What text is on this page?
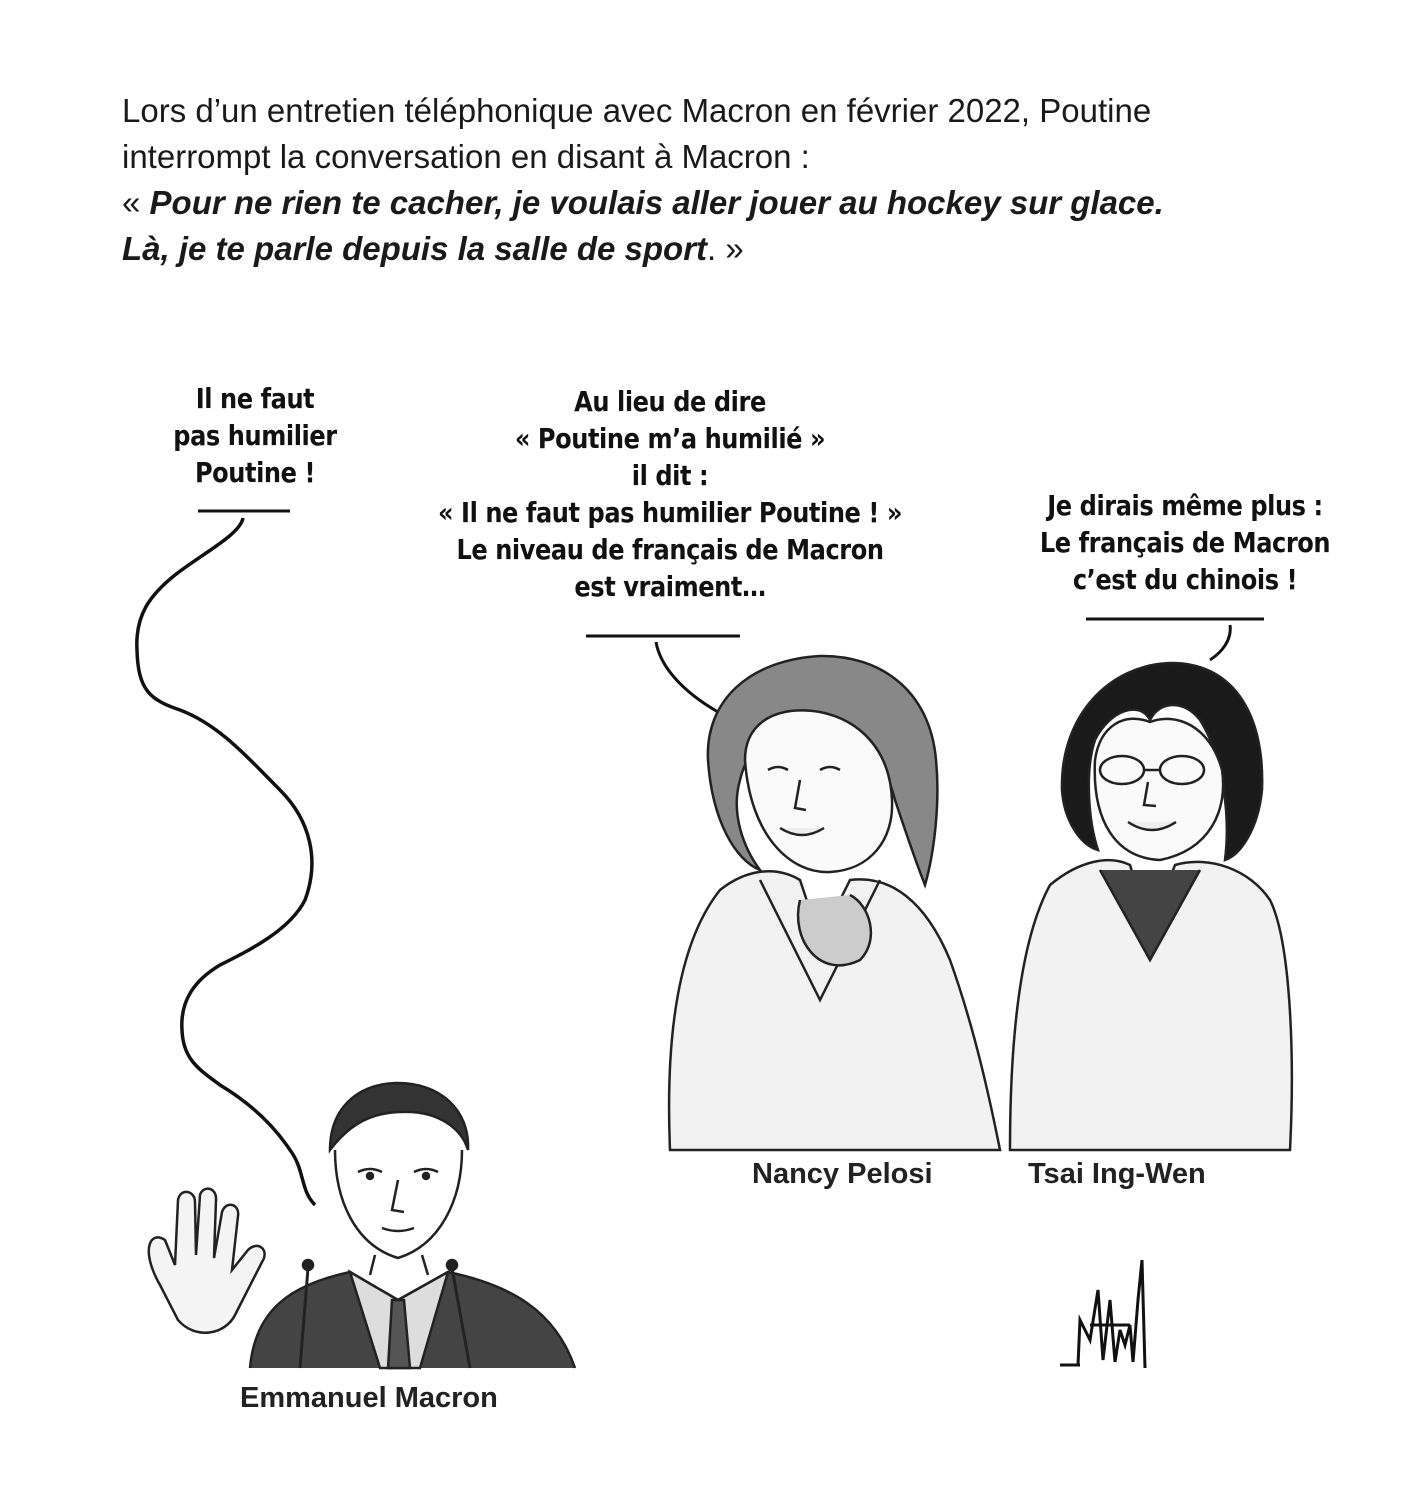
Lors d’un entretien téléphonique avec Macron en février 2022, Poutine
interrompt la conversation en disant à Macron :
« Pour ne rien te cacher, je voulais aller jouer au hockey sur glace.
Là, je te parle depuis la salle de sport. »
Il ne faut
pas humilier
Poutine !
Au lieu de dire
« Poutine m’a humilié »
il dit :
« Il ne faut pas humilier Poutine ! »
Le niveau de français de Macron
est vraiment…
Je dirais même plus :
Le français de Macron
c’est du chinois !
Emmanuel Macron
Nancy Pelosi	Tsai Ing-Wen
